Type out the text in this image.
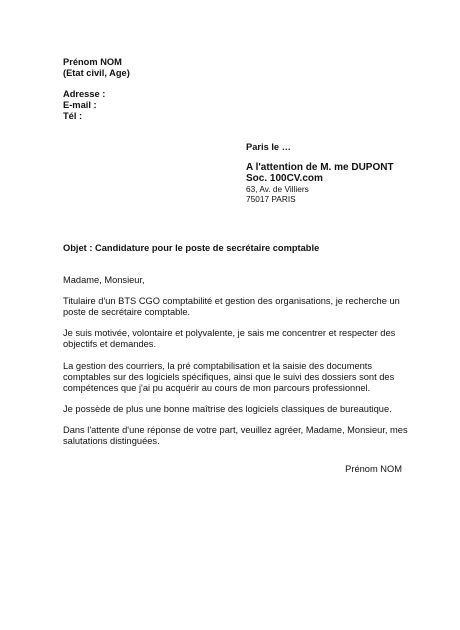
Prénom NOM
(Etat civil, Age)
Adresse :
E-mail :
Tél :
Paris le …
A l'attention de M. me DUPONT
Soc. 100CV.com
63, Av. de Villiers
75017 PARIS
Objet : Candidature pour le poste de secrétaire comptable
Madame, Monsieur,
Titulaire d'un BTS CGO comptabilité et gestion des organisations, je recherche un
poste de secrétaire comptable.
Je suis motivée, volontaire et polyvalente, je sais me concentrer et respecter des
objectifs et demandes.
La gestion des courriers, la pré comptabilisation et la saisie des documents
comptables sur des logiciels spécifiques, ainsi que le suivi des dossiers sont des
compétences que j'ai pu acquérir au cours de mon parcours professionnel.
Je possède de plus une bonne maîtrise des logiciels classiques de bureautique.
Dans l'attente d'une réponse de votre part, veuillez agréer, Madame, Monsieur, mes
salutations distinguées.
Prénom NOM
